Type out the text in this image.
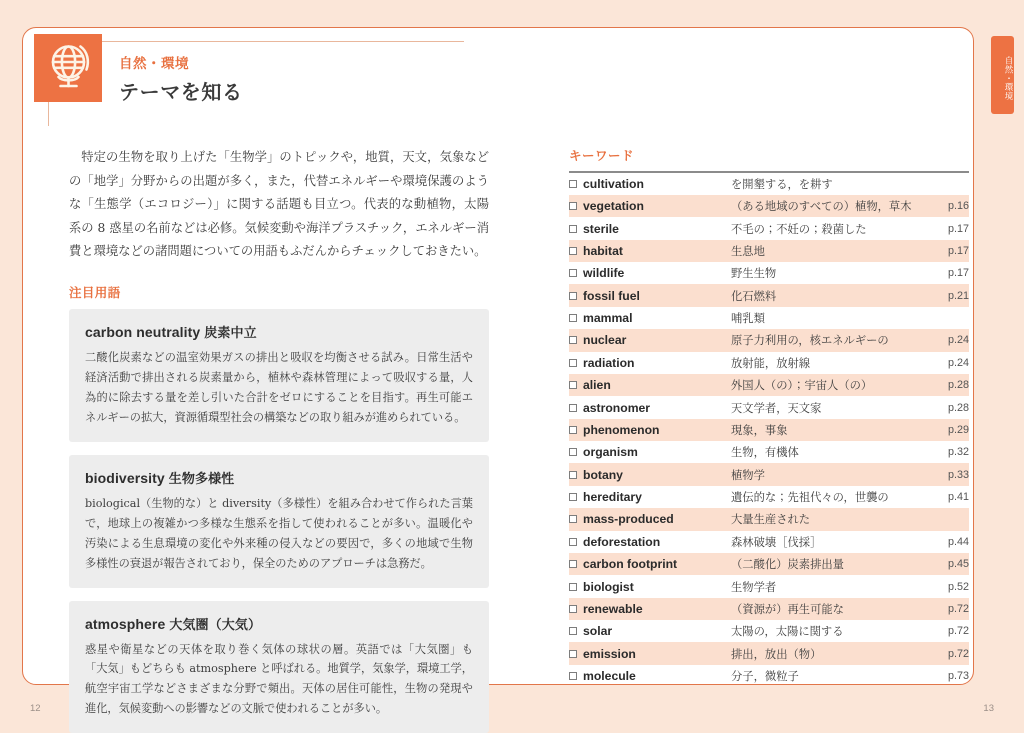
自然・環境

テーマを知る

特定の生物を取り上げた「生物学」のトピックや，地質，天文，気象などの「地学」分野からの出題が多く，また，代替エネルギーや環境保護のような「生態学（エコロジー）」に関する話題も目立つ。代表的な動植物，太陽系の 8 惑星の名前などは必修。気候変動や海洋プラスチック，エネルギー消費と環境などの諸問題についての用語もふだんからチェックしておきたい。

注目用語

carbon neutrality 炭素中立

二酸化炭素などの温室効果ガスの排出と吸収を均衡させる試み。日常生活や経済活動で排出される炭素量から，植林や森林管理によって吸収する量，人為的に除去する量を差し引いた合計をゼロにすることを目指す。再生可能エネルギーの拡大，資源循環型社会の構築などの取り組みが進められている。

biodiversity 生物多様性

biological（生物的な）と diversity（多様性）を組み合わせて作られた言葉で，地球上の複雑かつ多様な生態系を指して使われることが多い。温暖化や汚染による生息環境の変化や外来種の侵入などの要因で，多くの地域で生物多様性の衰退が報告されており，保全のためのアプローチは急務だ。

atmosphere 大気圏（大気）

惑星や衛星などの天体を取り巻く気体の球状の層。英語では「大気圏」も「大気」もどちらも atmosphere と呼ばれる。地質学，気象学，環境工学，航空宇宙工学などさまざまな分野で頻出。天体の居住可能性，生物の発現や進化，気候変動への影響などの文脈で使われることが多い。

キーワード

cultivation	を開墾する，を耕す	
vegetation	（ある地域のすべての）植物，草木	p.16
sterile	不毛の；不妊の；殺菌した	p.17
habitat	生息地	p.17
wildlife	野生生物	p.17
fossil fuel	化石燃料	p.21
mammal	哺乳類	
nuclear	原子力利用の，核エネルギーの	p.24
radiation	放射能，放射線	p.24
alien	外国人（の）；宇宙人（の）	p.28
astronomer	天文学者，天文家	p.28
phenomenon	現象，事象	p.29
organism	生物，有機体	p.32
botany	植物学	p.33
hereditary	遺伝的な；先祖代々の，世襲の	p.41
mass-produced	大量生産された	
deforestation	森林破壊［伐採］	p.44
carbon footprint	（二酸化）炭素排出量	p.45
biologist	生物学者	p.52
renewable	（資源が）再生可能な	p.72
solar	太陽の，太陽に関する	p.72
emission	排出，放出（物）	p.72
molecule	分子，微粒子	p.73
自然・環境
12	13
